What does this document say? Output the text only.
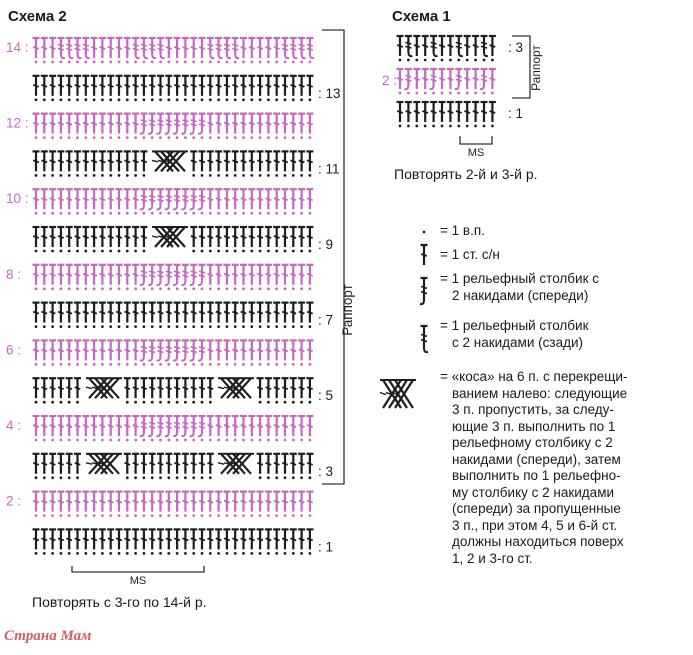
Схема 2	Схема 1
14 :
: 13
12 :
: 11
10 :
: 9
8 :
: 7
6 :
: 5
4 :
: 3
2 :
: 1
Раппорт
MS
: 3
2 :
: 1
Раппорт
MS
Повторять с 3-го по 14-й р.
Повторять 2-й и 3-й р.
= 1 в.п.
= 1 ст. с/н
= 1 рельефный столбик с
2 накидами (спереди)
= 1 рельефный столбик
с 2 накидами (сзади)
= «коса» на 6 п. с перекрещи-
ванием налево: следующие
3 п. пропустить, за следу-
ющие 3 п. выполнить по 1
рельефному столбику с 2
накидами (спереди), затем
выполнить по 1 рельефно-
му столбику с 2 накидами
(спереди) за пропущенные
3 п., при этом 4, 5 и 6-й ст.
должны находиться поверх
1, 2 и 3-го ст.
Страна Мам
